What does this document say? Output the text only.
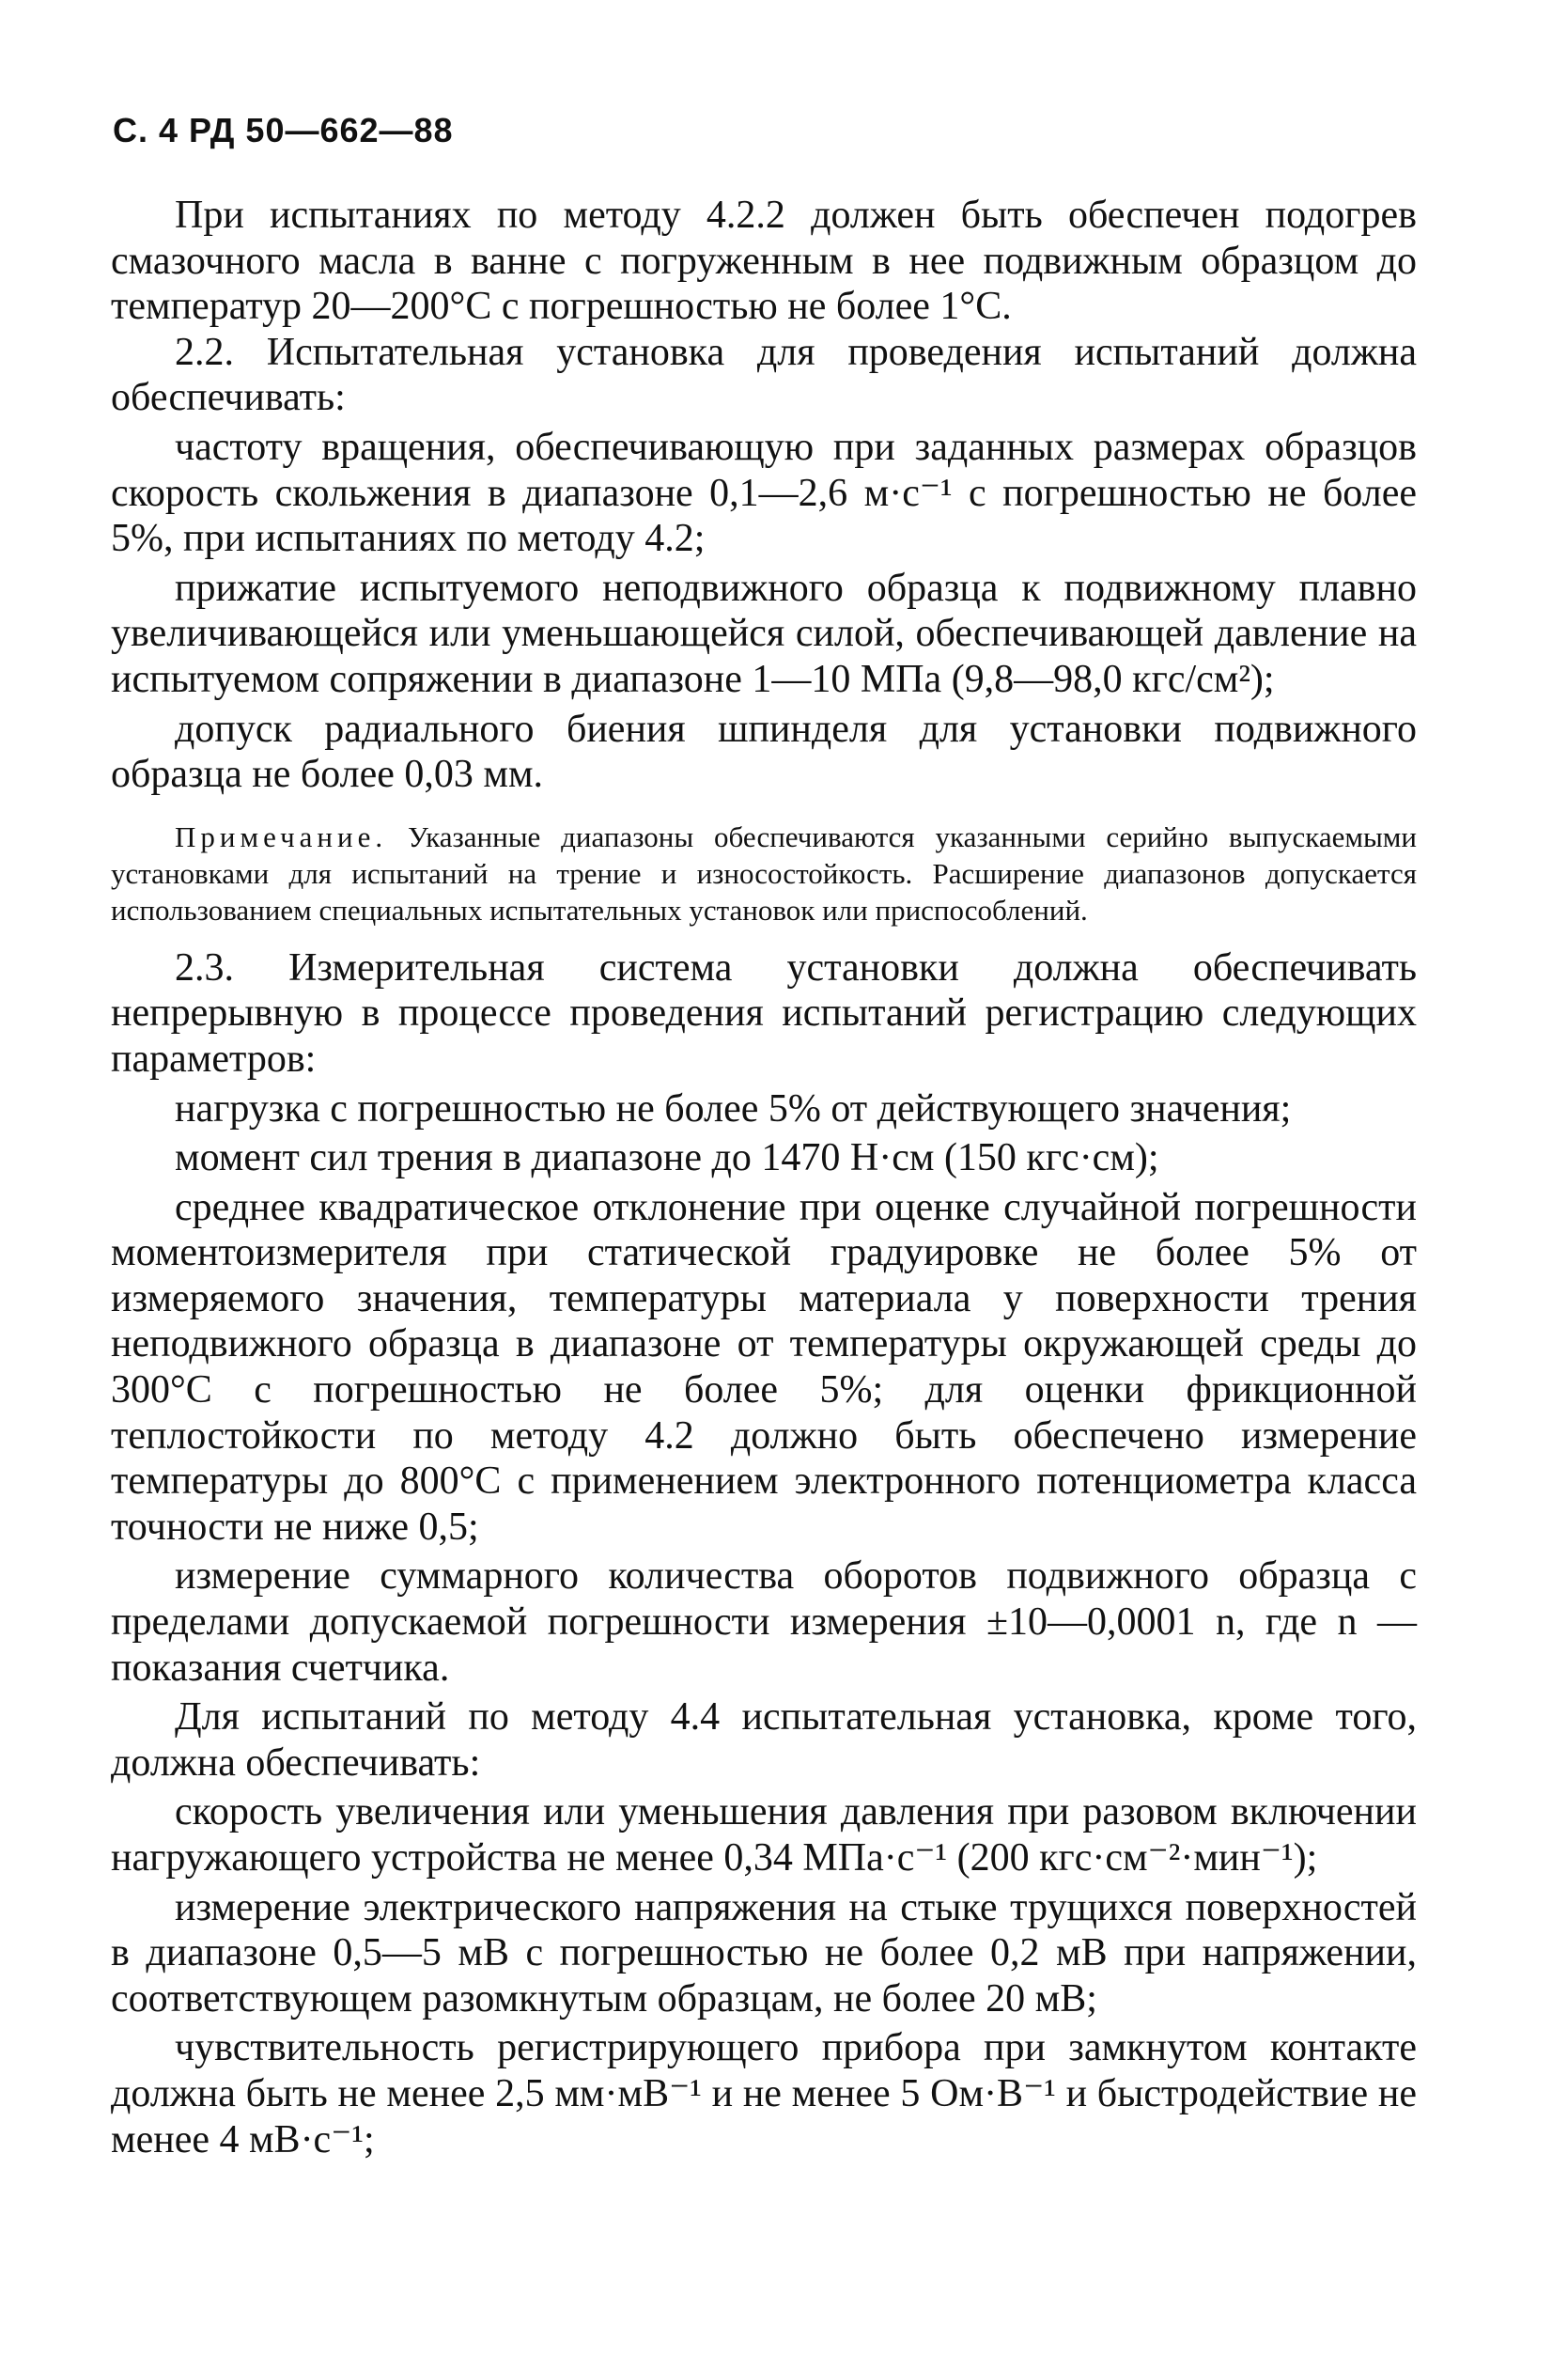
С. 4 РД 50—662—88

При испытаниях по методу 4.2.2 должен быть обеспечен подогрев смазочного масла в ванне с погруженным в нее подвижным образцом до температур 20—200°С с погрешностью не более 1°С.

2.2. Испытательная установка для проведения испытаний должна обеспечивать:

частоту вращения, обеспечивающую при заданных размерах образцов скорость скольжения в диапазоне 0,1—2,6 м·с⁻¹ с погрешностью не более 5%, при испытаниях по методу 4.2;

прижатие испытуемого неподвижного образца к подвижному плавно увеличивающейся или уменьшающейся силой, обеспечивающей давление на испытуемом сопряжении в диапазоне 1—10 МПа (9,8—98,0 кгс/см²);

допуск радиального биения шпинделя для установки подвижного образца не более 0,03 мм.

Примечание. Указанные диапазоны обеспечиваются указанными серийно выпускаемыми установками для испытаний на трение и износостойкость. Расширение диапазонов допускается использованием специальных испытательных установок или приспособлений.

2.3. Измерительная система установки должна обеспечивать непрерывную в процессе проведения испытаний регистрацию следующих параметров:

нагрузка с погрешностью не более 5% от действующего значения;

момент сил трения в диапазоне до 1470 Н·см (150 кгс·см);

среднее квадратическое отклонение при оценке случайной погрешности моментоизмерителя при статической градуировке не более 5% от измеряемого значения, температуры материала у поверхности трения неподвижного образца в диапазоне от температуры окружающей среды до 300°С с погрешностью не более 5%; для оценки фрикционной теплостойкости по методу 4.2 должно быть обеспечено измерение температуры до 800°С с применением электронного потенциометра класса точности не ниже 0,5;

измерение суммарного количества оборотов подвижного образца с пределами допускаемой погрешности измерения ±10—0,0001 n, где n — показания счетчика.

Для испытаний по методу 4.4 испытательная установка, кроме того, должна обеспечивать:

скорость увеличения или уменьшения давления при разовом включении нагружающего устройства не менее 0,34 МПа·с⁻¹ (200 кгс·см⁻²·мин⁻¹);

измерение электрического напряжения на стыке трущихся поверхностей в диапазоне 0,5—5 мВ с погрешностью не более 0,2 мВ при напряжении, соответствующем разомкнутым образцам, не более 20 мВ;

чувствительность регистрирующего прибора при замкнутом контакте должна быть не менее 2,5 мм·мВ⁻¹ и не менее 5 Ом·В⁻¹ и быстродействие не менее 4 мВ·с⁻¹;
